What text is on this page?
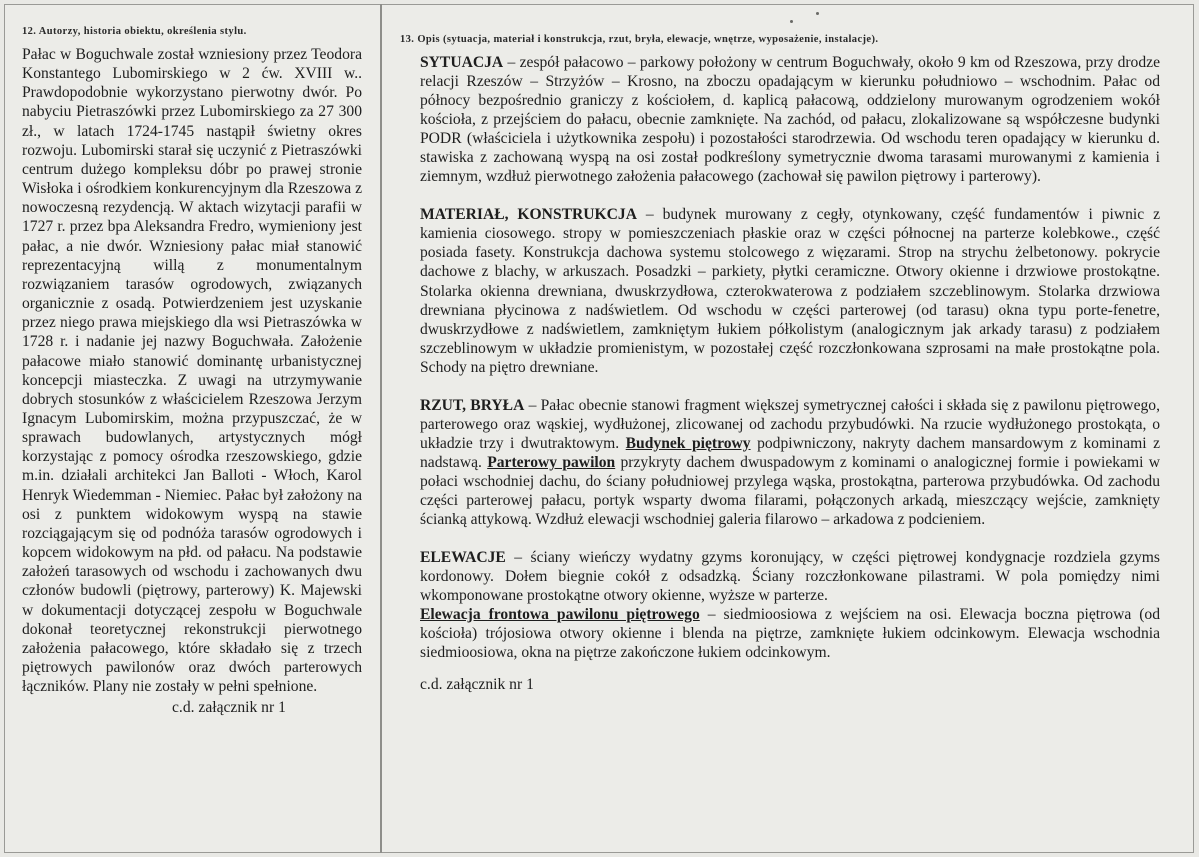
12. Autorzy, historia obiektu, określenia stylu.

Pałac w Boguchwale został wzniesiony przez Teodora Konstantego Lubomirskiego w 2 ćw. XVIII w.. Prawdopodobnie wykorzystano pierwotny dwór. Po nabyciu Pietraszówki przez Lubomirskiego za 27 300 zł., w latach 1724-1745 nastąpił świetny okres rozwoju. Lubomirski starał się uczynić z Pietraszówki centrum dużego kompleksu dóbr po prawej stronie Wisłoka i ośrodkiem konkurencyjnym dla Rzeszowa z nowoczesną rezydencją. W aktach wizytacji parafii w 1727 r. przez bpa Aleksandra Fredro, wymieniony jest pałac, a nie dwór. Wzniesiony pałac miał stanowić reprezentacyjną willą z monumentalnym rozwiązaniem tarasów ogrodowych, związanych organicznie z osadą. Potwierdzeniem jest uzyskanie przez niego prawa miejskiego dla wsi Pietraszówka w 1728 r. i nadanie jej nazwy Boguchwała. Założenie pałacowe miało stanowić dominantę urbanistycznej koncepcji miasteczka. Z uwagi na utrzymywanie dobrych stosunków z właścicielem Rzeszowa Jerzym Ignacym Lubomirskim, można przypuszczać, że w sprawach budowlanych, artystycznych mógł korzystając z pomocy ośrodka rzeszowskiego, gdzie m.in. działali architekci Jan Balloti - Włoch, Karol Henryk Wiedemman - Niemiec. Pałac był założony na osi z punktem widokowym wyspą na stawie rozciągającym się od podnóża tarasów ogrodowych i kopcem widokowym na płd. od pałacu. Na podstawie założeń tarasowych od wschodu i zachowanych dwu członów budowli (piętrowy, parterowy) K. Majewski w dokumentacji dotyczącej zespołu w Boguchwale dokonał teoretycznej rekonstrukcji pierwotnego założenia pałacowego, które składało się z trzech piętrowych pawilonów oraz dwóch parterowych łączników. Plany nie zostały w pełni spełnione.

c.d. załącznik nr 1

13. Opis (sytuacja, materiał i konstrukcja, rzut, bryła, elewacje, wnętrze, wyposażenie, instalacje).

SYTUACJA – zespół pałacowo – parkowy położony w centrum Boguchwały, około 9 km od Rzeszowa, przy drodze relacji Rzeszów – Strzyżów – Krosno, na zboczu opadającym w kierunku południowo – wschodnim. Pałac od północy bezpośrednio graniczy z kościołem, d. kaplicą pałacową, oddzielony murowanym ogrodzeniem wokół kościoła, z przejściem do pałacu, obecnie zamknięte. Na zachód, od pałacu, zlokalizowane są współczesne budynki PODR (właściciela i użytkownika zespołu) i pozostałości starodrzewia. Od wschodu teren opadający w kierunku d. stawiska z zachowaną wyspą na osi został podkreślony symetrycznie dwoma tarasami murowanymi z kamienia i ziemnym, wzdłuż pierwotnego założenia pałacowego (zachował się pawilon piętrowy i parterowy).

MATERIAŁ, KONSTRUKCJA – budynek murowany z cegły, otynkowany, część fundamentów i piwnic z kamienia ciosowego. stropy w pomieszczeniach płaskie oraz w części północnej na parterze kolebkowe., część posiada fasety. Konstrukcja dachowa systemu stolcowego z więzarami. Strop na strychu żelbetonowy. pokrycie dachowe z blachy, w arkuszach. Posadzki – parkiety, płytki ceramiczne. Otwory okienne i drzwiowe prostokątne. Stolarka okienna drewniana, dwuskrzydłowa, czterokwaterowa z podziałem szczeblinowym. Stolarka drzwiowa drewniana płycinowa z nadświetlem. Od wschodu w części parterowej (od tarasu) okna typu porte-fenetre, dwuskrzydłowe z nadświetlem, zamkniętym łukiem półkolistym (analogicznym jak arkady tarasu) z podziałem szczeblinowym w układzie promienistym, w pozostałej część rozczłonkowana szprosami na małe prostokątne pola. Schody na piętro drewniane.

RZUT, BRYŁA – Pałac obecnie stanowi fragment większej symetrycznej całości i składa się z pawilonu piętrowego, parterowego oraz wąskiej, wydłużonej, zlicowanej od zachodu przybudówki. Na rzucie wydłużonego prostokąta, o układzie trzy i dwutraktowym. Budynek piętrowy podpiwniczony, nakryty dachem mansardowym z kominami z nadstawą. Parterowy pawilon przykryty dachem dwuspadowym z kominami o analogicznej formie i powiekami w połaci wschodniej dachu, do ściany południowej przylega wąska, prostokątna, parterowa przybudówka. Od zachodu części parterowej pałacu, portyk wsparty dwoma filarami, połączonych arkadą, mieszczący wejście, zamknięty ścianką attykową. Wzdłuż elewacji wschodniej galeria filarowo – arkadowa z podcieniem.

ELEWACJE – ściany wieńczy wydatny gzyms koronujący, w części piętrowej kondygnacje rozdziela gzyms kordonowy. Dołem biegnie cokół z odsadzką. Ściany rozczłonkowane pilastrami. W pola pomiędzy nimi wkomponowane prostokątne otwory okienne, wyższe w parterze.

Elewacja frontowa pawilonu piętrowego – siedmioosiowa z wejściem na osi. Elewacja boczna piętrowa (od kościoła) trójosiowa otwory okienne i blenda na piętrze, zamknięte łukiem odcinkowym. Elewacja wschodnia siedmioosiowa, okna na piętrze zakończone łukiem odcinkowym.

c.d. załącznik nr 1
